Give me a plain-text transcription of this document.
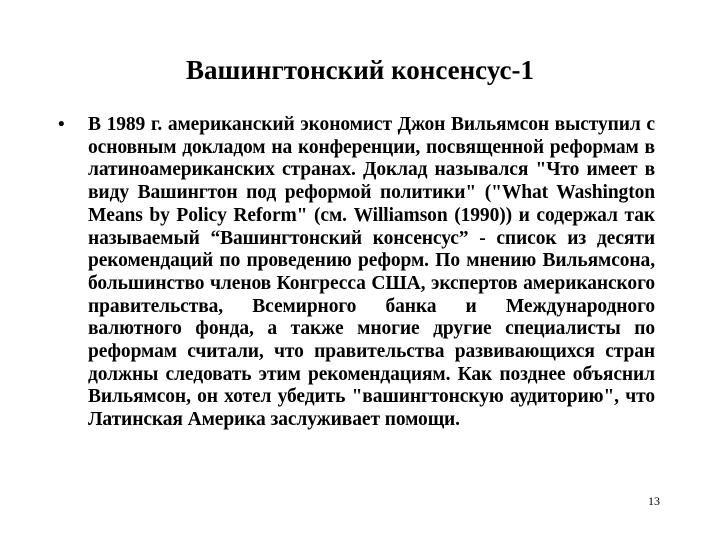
Вашингтонский консенсус-1
• В 1989 г. американский экономист Джон Вильямсон выступил с основным докладом на конференции, посвященной реформам в латиноамериканских странах. Доклад назывался "Что имеет в виду Вашингтон под реформой политики" ("What Washington Means by Policy Reform" (см. Williamson (1990)) и содержал так называемый “Вашингтонский консенсус” - список из десяти рекомендаций по проведению реформ. По мнению Вильямсона, большинство членов Конгресса США, экспертов американского правительства, Всемирного банка и Международного валютного фонда, а также многие другие специалисты по реформам считали, что правительства развивающихся стран должны следовать этим рекомендациям. Как позднее объяснил Вильямсон, он хотел убедить "вашингтонскую аудиторию", что Латинская Америка заслуживает помощи.

13
